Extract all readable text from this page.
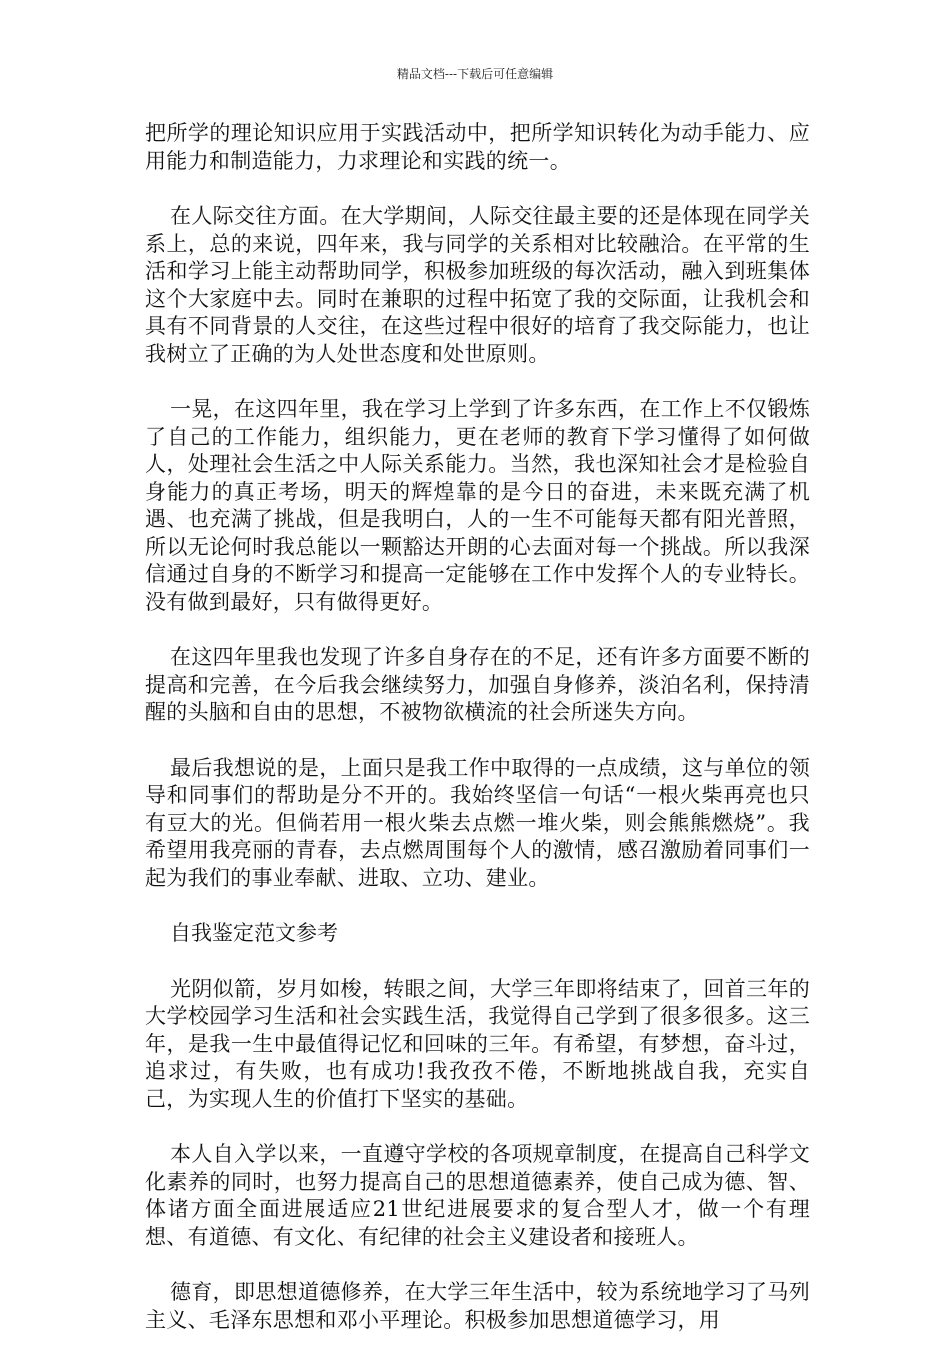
精品文档---下载后可任意编辑

把所学的理论知识应用于实践活动中，把所学知识转化为动手能力、应用能力和制造能力，力求理论和实践的统一。

在人际交往方面。在大学期间，人际交往最主要的还是体现在同学关系上，总的来说，四年来，我与同学的关系相对比较融洽。在平常的生活和学习上能主动帮助同学，积极参加班级的每次活动，融入到班集体这个大家庭中去。同时在兼职的过程中拓宽了我的交际面，让我机会和具有不同背景的人交往，在这些过程中很好的培育了我交际能力，也让我树立了正确的为人处世态度和处世原则。

一晃，在这四年里，我在学习上学到了许多东西，在工作上不仅锻炼了自己的工作能力，组织能力，更在老师的教育下学习懂得了如何做人，处理社会生活之中人际关系能力。当然，我也深知社会才是检验自身能力的真正考场，明天的辉煌靠的是今日的奋进，未来既充满了机遇、也充满了挑战，但是我明白，人的一生不可能每天都有阳光普照，所以无论何时我总能以一颗豁达开朗的心去面对每一个挑战。所以我深信通过自身的不断学习和提高一定能够在工作中发挥个人的专业特长。没有做到最好，只有做得更好。

在这四年里我也发现了许多自身存在的不足，还有许多方面要不断的提高和完善，在今后我会继续努力，加强自身修养，淡泊名利，保持清醒的头脑和自由的思想，不被物欲横流的社会所迷失方向。

最后我想说的是，上面只是我工作中取得的一点成绩，这与单位的领导和同事们的帮助是分不开的。我始终坚信一句话“一根火柴再亮也只有豆大的光。但倘若用一根火柴去点燃一堆火柴，则会熊熊燃烧”。我希望用我亮丽的青春，去点燃周围每个人的激情，感召激励着同事们一起为我们的事业奉献、进取、立功、建业。

自我鉴定范文参考

光阴似箭，岁月如梭，转眼之间，大学三年即将结束了，回首三年的大学校园学习生活和社会实践生活，我觉得自己学到了很多很多。这三年，是我一生中最值得记忆和回味的三年。有希望，有梦想，奋斗过，追求过，有失败，也有成功!我孜孜不倦，不断地挑战自我，充实自己，为实现人生的价值打下坚实的基础。

本人自入学以来，一直遵守学校的各项规章制度，在提高自己科学文化素养的同时，也努力提高自己的思想道德素养，使自己成为德、智、体诸方面全面进展适应21世纪进展要求的复合型人才，做一个有理想、有道德、有文化、有纪律的社会主义建设者和接班人。

德育，即思想道德修养，在大学三年生活中，较为系统地学习了马列主义、毛泽东思想和邓小平理论。积极参加思想道德学习，用
